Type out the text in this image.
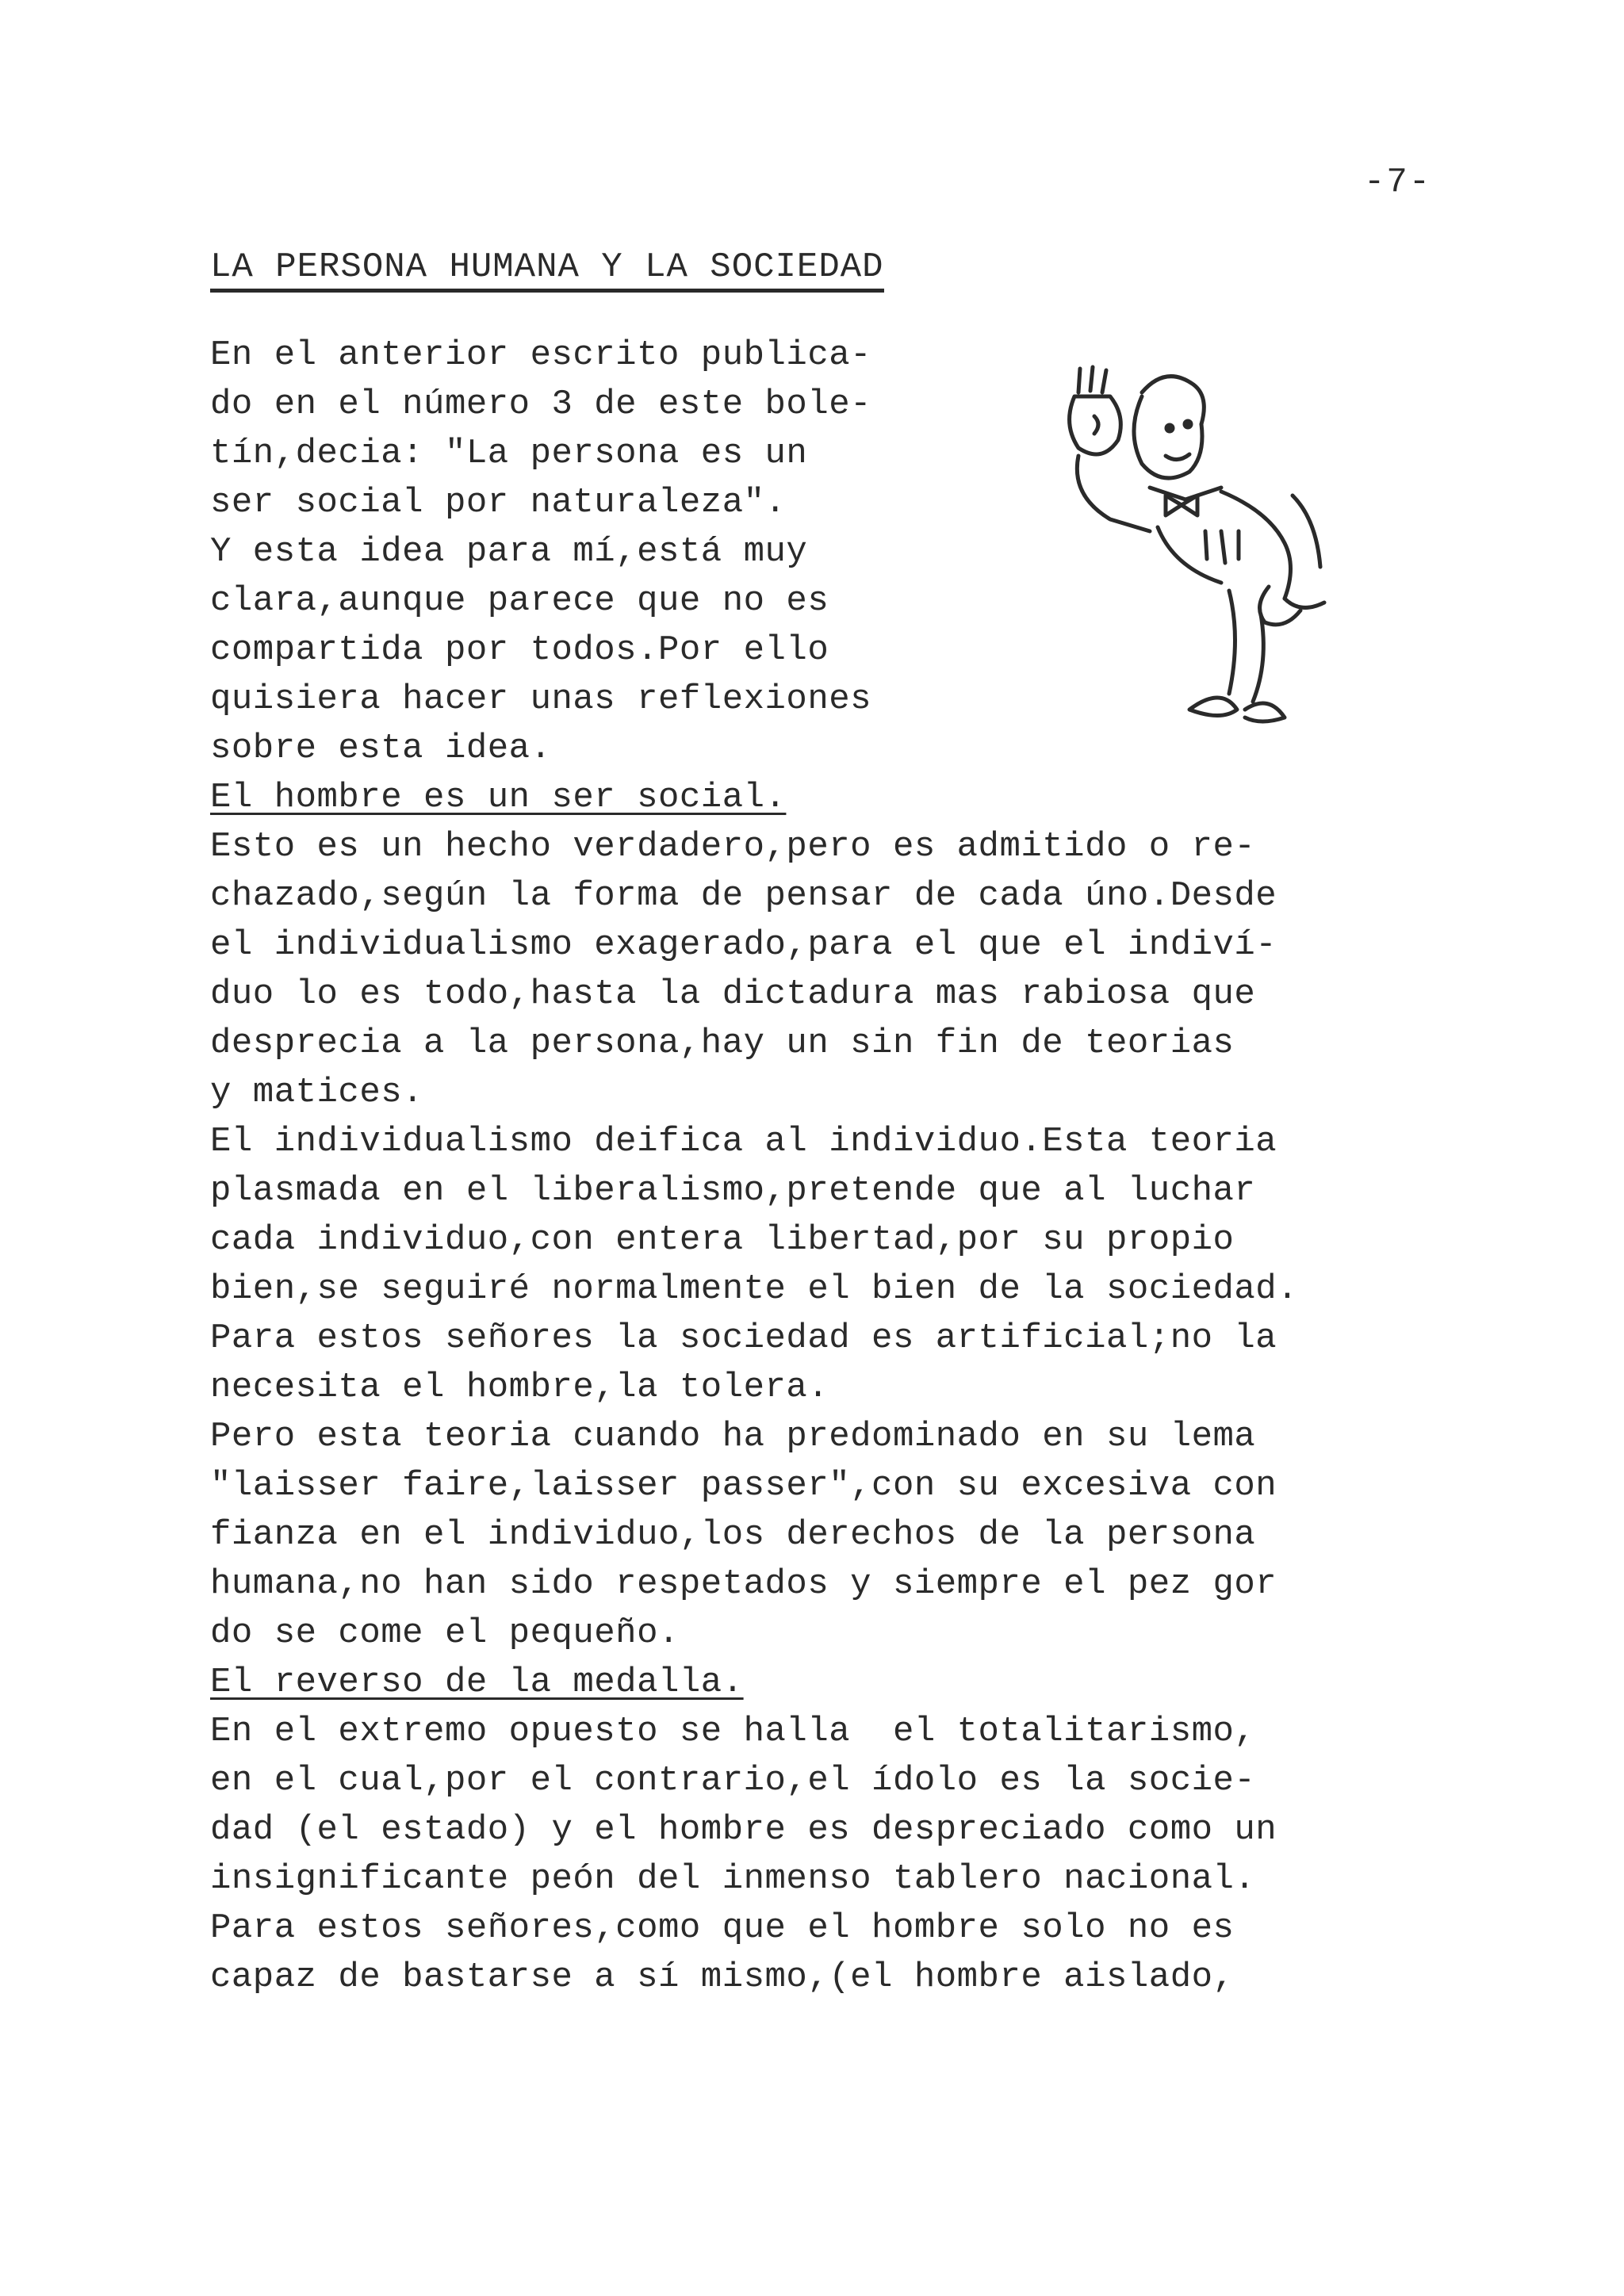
-7-
LA PERSONA HUMANA Y LA SOCIEDAD
En el anterior escrito publica-
do en el número 3 de este bole-
tín,decia: "La persona es un
ser social por naturaleza".
Y esta idea para mí,está muy
clara,aunque parece que no es
compartida por todos.Por ello
quisiera hacer unas reflexiones
sobre esta idea.
El hombre es un ser social.
Esto es un hecho verdadero,pero es admitido o re-
chazado,según la forma de pensar de cada úno.Desde
el individualismo exagerado,para el que el indiví-
duo lo es todo,hasta la dictadura mas rabiosa que
desprecia a la persona,hay un sin fin de teorias
y matices.
El individualismo deifica al individuo.Esta teoria
plasmada en el liberalismo,pretende que al luchar
cada individuo,con entera libertad,por su propio
bien,se seguiré normalmente el bien de la sociedad.
Para estos señores la sociedad es artificial;no la
necesita el hombre,la tolera.
Pero esta teoria cuando ha predominado en su lema
"laisser faire,laisser passer",con su excesiva con
fianza en el individuo,los derechos de la persona
humana,no han sido respetados y siempre el pez gor
do se come el pequeño.
El reverso de la medalla.
En el extremo opuesto se halla  el totalitarismo,
en el cual,por el contrario,el ídolo es la socie-
dad (el estado) y el hombre es despreciado como un
insignificante peón del inmenso tablero nacional.
Para estos señores,como que el hombre solo no es
capaz de bastarse a sí mismo,(el hombre aislado,
